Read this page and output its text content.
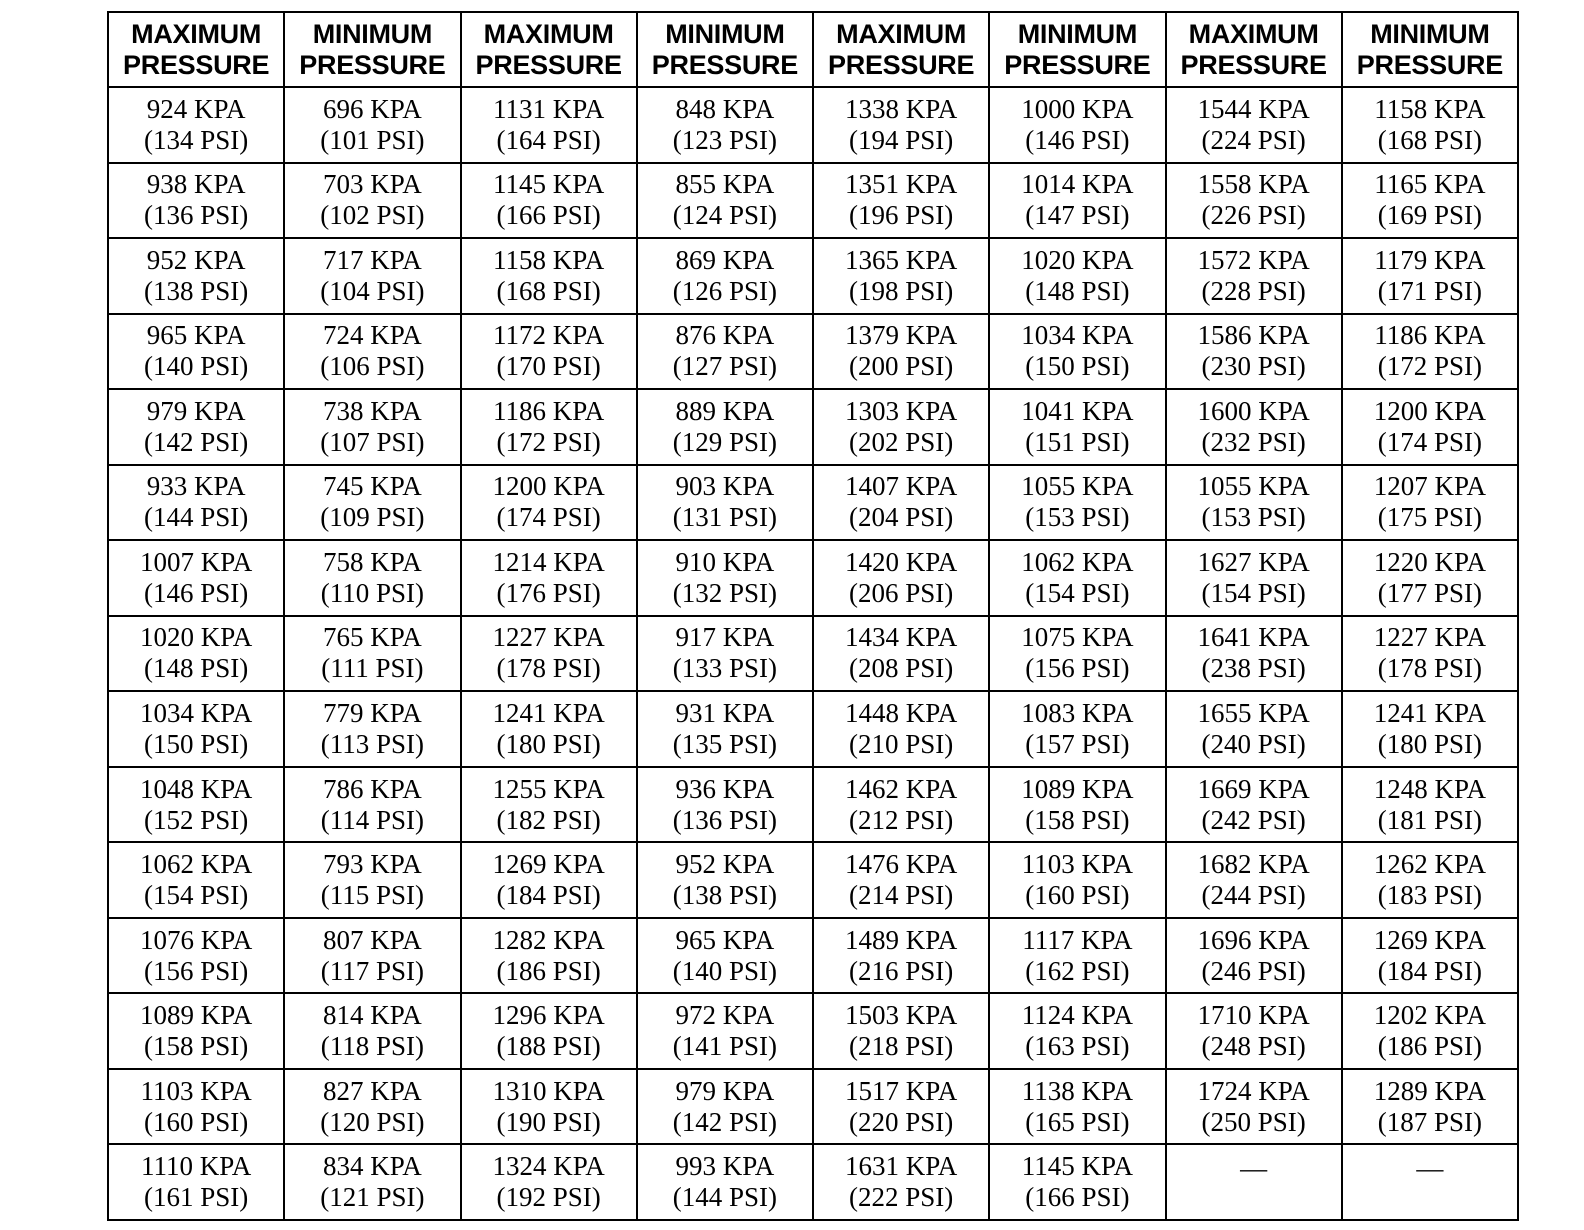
MAXIMUM
PRESSURE	MINIMUM
PRESSURE	MAXIMUM
PRESSURE	MINIMUM
PRESSURE	MAXIMUM
PRESSURE	MINIMUM
PRESSURE	MAXIMUM
PRESSURE	MINIMUM
PRESSURE

924 KPA
(134 PSI)	696 KPA
(101 PSI)	1131 KPA
(164 PSI)	848 KPA
(123 PSI)	1338 KPA
(194 PSI)	1000 KPA
(146 PSI)	1544 KPA
(224 PSI)	1158 KPA
(168 PSI)

938 KPA
(136 PSI)	703 KPA
(102 PSI)	1145 KPA
(166 PSI)	855 KPA
(124 PSI)	1351 KPA
(196 PSI)	1014 KPA
(147 PSI)	1558 KPA
(226 PSI)	1165 KPA
(169 PSI)

952 KPA
(138 PSI)	717 KPA
(104 PSI)	1158 KPA
(168 PSI)	869 KPA
(126 PSI)	1365 KPA
(198 PSI)	1020 KPA
(148 PSI)	1572 KPA
(228 PSI)	1179 KPA
(171 PSI)

965 KPA
(140 PSI)	724 KPA
(106 PSI)	1172 KPA
(170 PSI)	876 KPA
(127 PSI)	1379 KPA
(200 PSI)	1034 KPA
(150 PSI)	1586 KPA
(230 PSI)	1186 KPA
(172 PSI)

979 KPA
(142 PSI)	738 KPA
(107 PSI)	1186 KPA
(172 PSI)	889 KPA
(129 PSI)	1303 KPA
(202 PSI)	1041 KPA
(151 PSI)	1600 KPA
(232 PSI)	1200 KPA
(174 PSI)

933 KPA
(144 PSI)	745 KPA
(109 PSI)	1200 KPA
(174 PSI)	903 KPA
(131 PSI)	1407 KPA
(204 PSI)	1055 KPA
(153 PSI)	1055 KPA
(153 PSI)	1207 KPA
(175 PSI)

1007 KPA
(146 PSI)	758 KPA
(110 PSI)	1214 KPA
(176 PSI)	910 KPA
(132 PSI)	1420 KPA
(206 PSI)	1062 KPA
(154 PSI)	1627 KPA
(154 PSI)	1220 KPA
(177 PSI)

1020 KPA
(148 PSI)	765 KPA
(111 PSI)	1227 KPA
(178 PSI)	917 KPA
(133 PSI)	1434 KPA
(208 PSI)	1075 KPA
(156 PSI)	1641 KPA
(238 PSI)	1227 KPA
(178 PSI)

1034 KPA
(150 PSI)	779 KPA
(113 PSI)	1241 KPA
(180 PSI)	931 KPA
(135 PSI)	1448 KPA
(210 PSI)	1083 KPA
(157 PSI)	1655 KPA
(240 PSI)	1241 KPA
(180 PSI)

1048 KPA
(152 PSI)	786 KPA
(114 PSI)	1255 KPA
(182 PSI)	936 KPA
(136 PSI)	1462 KPA
(212 PSI)	1089 KPA
(158 PSI)	1669 KPA
(242 PSI)	1248 KPA
(181 PSI)

1062 KPA
(154 PSI)	793 KPA
(115 PSI)	1269 KPA
(184 PSI)	952 KPA
(138 PSI)	1476 KPA
(214 PSI)	1103 KPA
(160 PSI)	1682 KPA
(244 PSI)	1262 KPA
(183 PSI)

1076 KPA
(156 PSI)	807 KPA
(117 PSI)	1282 KPA
(186 PSI)	965 KPA
(140 PSI)	1489 KPA
(216 PSI)	1117 KPA
(162 PSI)	1696 KPA
(246 PSI)	1269 KPA
(184 PSI)

1089 KPA
(158 PSI)	814 KPA
(118 PSI)	1296 KPA
(188 PSI)	972 KPA
(141 PSI)	1503 KPA
(218 PSI)	1124 KPA
(163 PSI)	1710 KPA
(248 PSI)	1202 KPA
(186 PSI)

1103 KPA
(160 PSI)	827 KPA
(120 PSI)	1310 KPA
(190 PSI)	979 KPA
(142 PSI)	1517 KPA
(220 PSI)	1138 KPA
(165 PSI)	1724 KPA
(250 PSI)	1289 KPA
(187 PSI)

1110 KPA
(161 PSI)	834 KPA
(121 PSI)	1324 KPA
(192 PSI)	993 KPA
(144 PSI)	1631 KPA
(222 PSI)	1145 KPA
(166 PSI)	—	—
